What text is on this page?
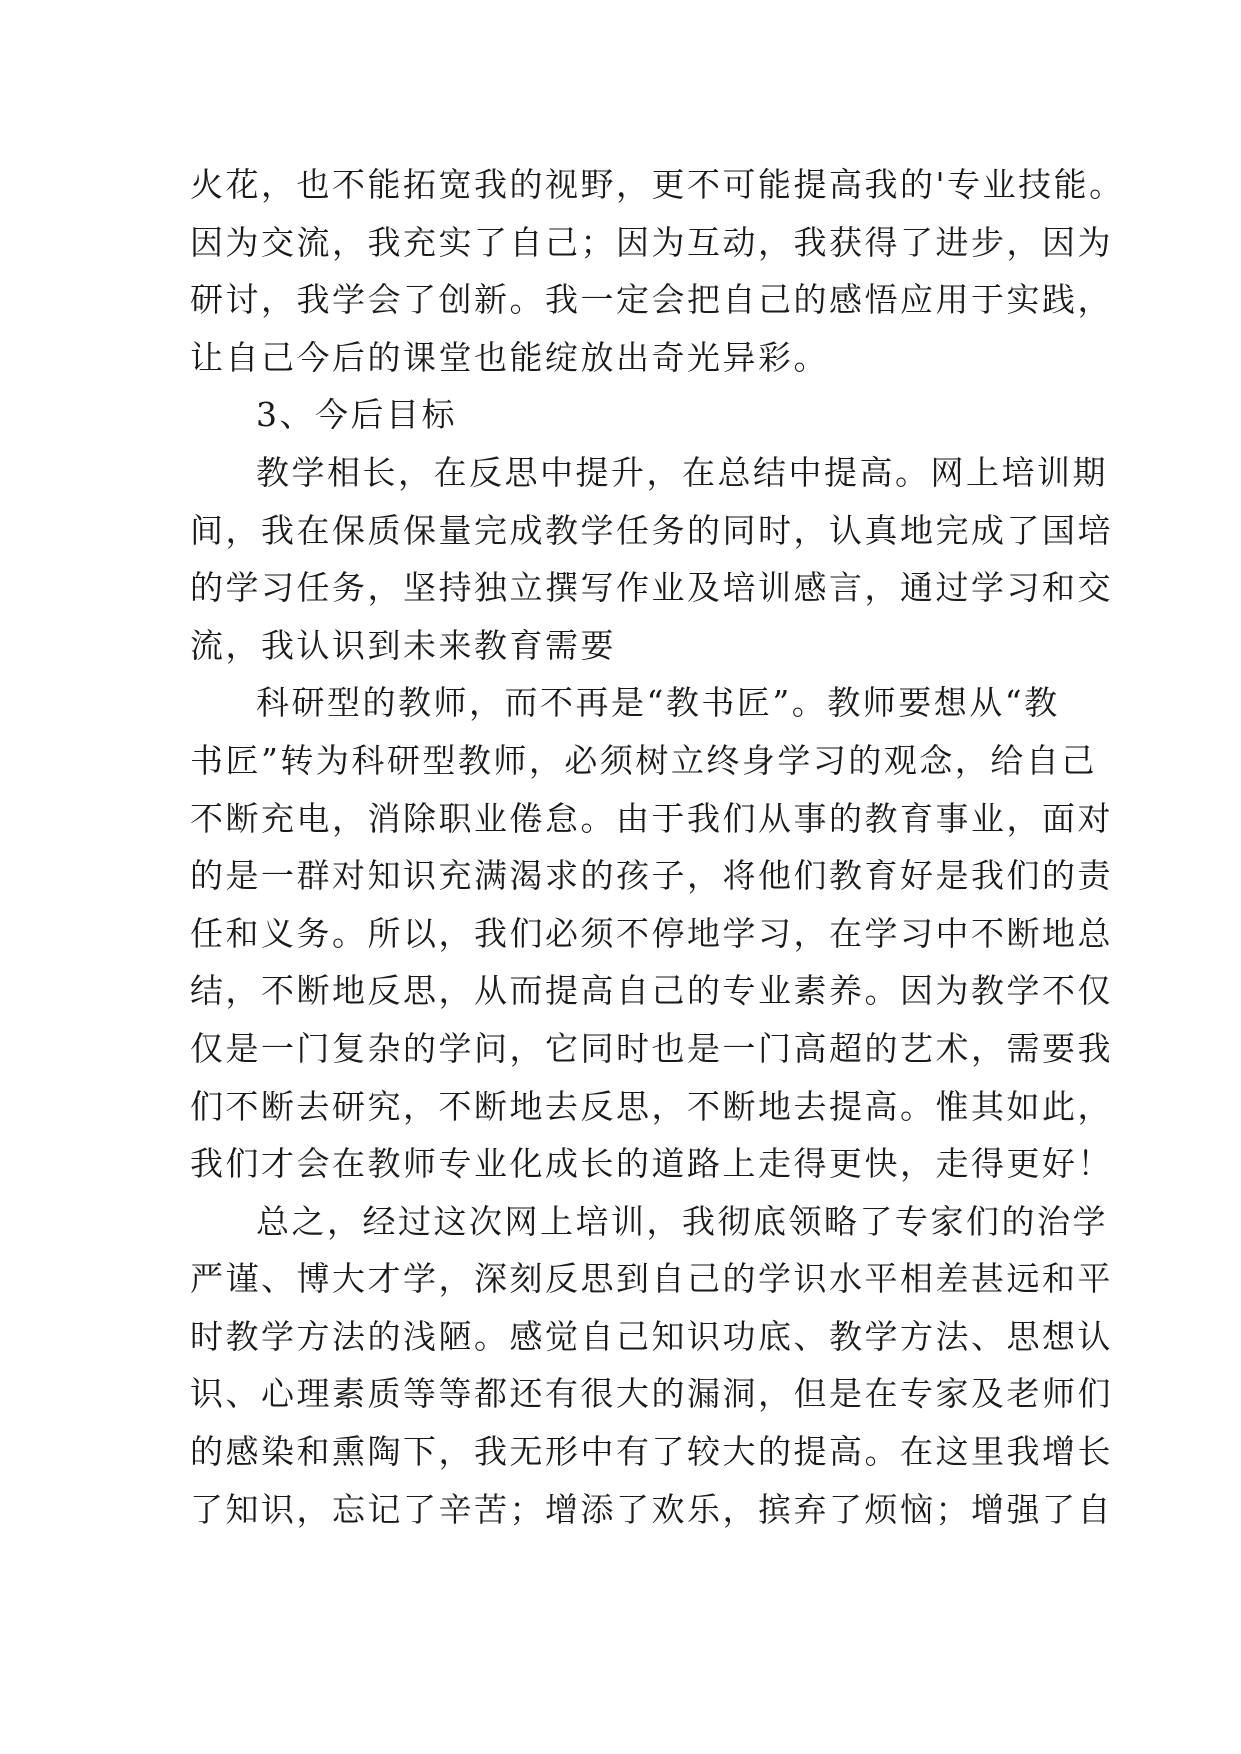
火花，也不能拓宽我的视野，更不可能提高我的'专业技能。
因为交流，我充实了自己；因为互动，我获得了进步，因为
研讨，我学会了创新。我一定会把自己的感悟应用于实践，
让自己今后的课堂也能绽放出奇光异彩。
3、今后目标
教学相长，在反思中提升，在总结中提高。网上培训期
间，我在保质保量完成教学任务的同时，认真地完成了国培
的学习任务，坚持独立撰写作业及培训感言，通过学习和交
流，我认识到未来教育需要
科研型的教师，而不再是“教书匠”。教师要想从“教
书匠”转为科研型教师，必须树立终身学习的观念，给自己
不断充电，消除职业倦怠。由于我们从事的教育事业，面对
的是一群对知识充满渴求的孩子，将他们教育好是我们的责
任和义务。所以，我们必须不停地学习，在学习中不断地总
结，不断地反思，从而提高自己的专业素养。因为教学不仅
仅是一门复杂的学问，它同时也是一门高超的艺术，需要我
们不断去研究，不断地去反思，不断地去提高。惟其如此，
我们才会在教师专业化成长的道路上走得更快，走得更好！
总之，经过这次网上培训，我彻底领略了专家们的治学
严谨、博大才学，深刻反思到自己的学识水平相差甚远和平
时教学方法的浅陋。感觉自己知识功底、教学方法、思想认
识、心理素质等等都还有很大的漏洞，但是在专家及老师们
的感染和熏陶下，我无形中有了较大的提高。在这里我增长
了知识，忘记了辛苦；增添了欢乐，摈弃了烦恼；增强了自
